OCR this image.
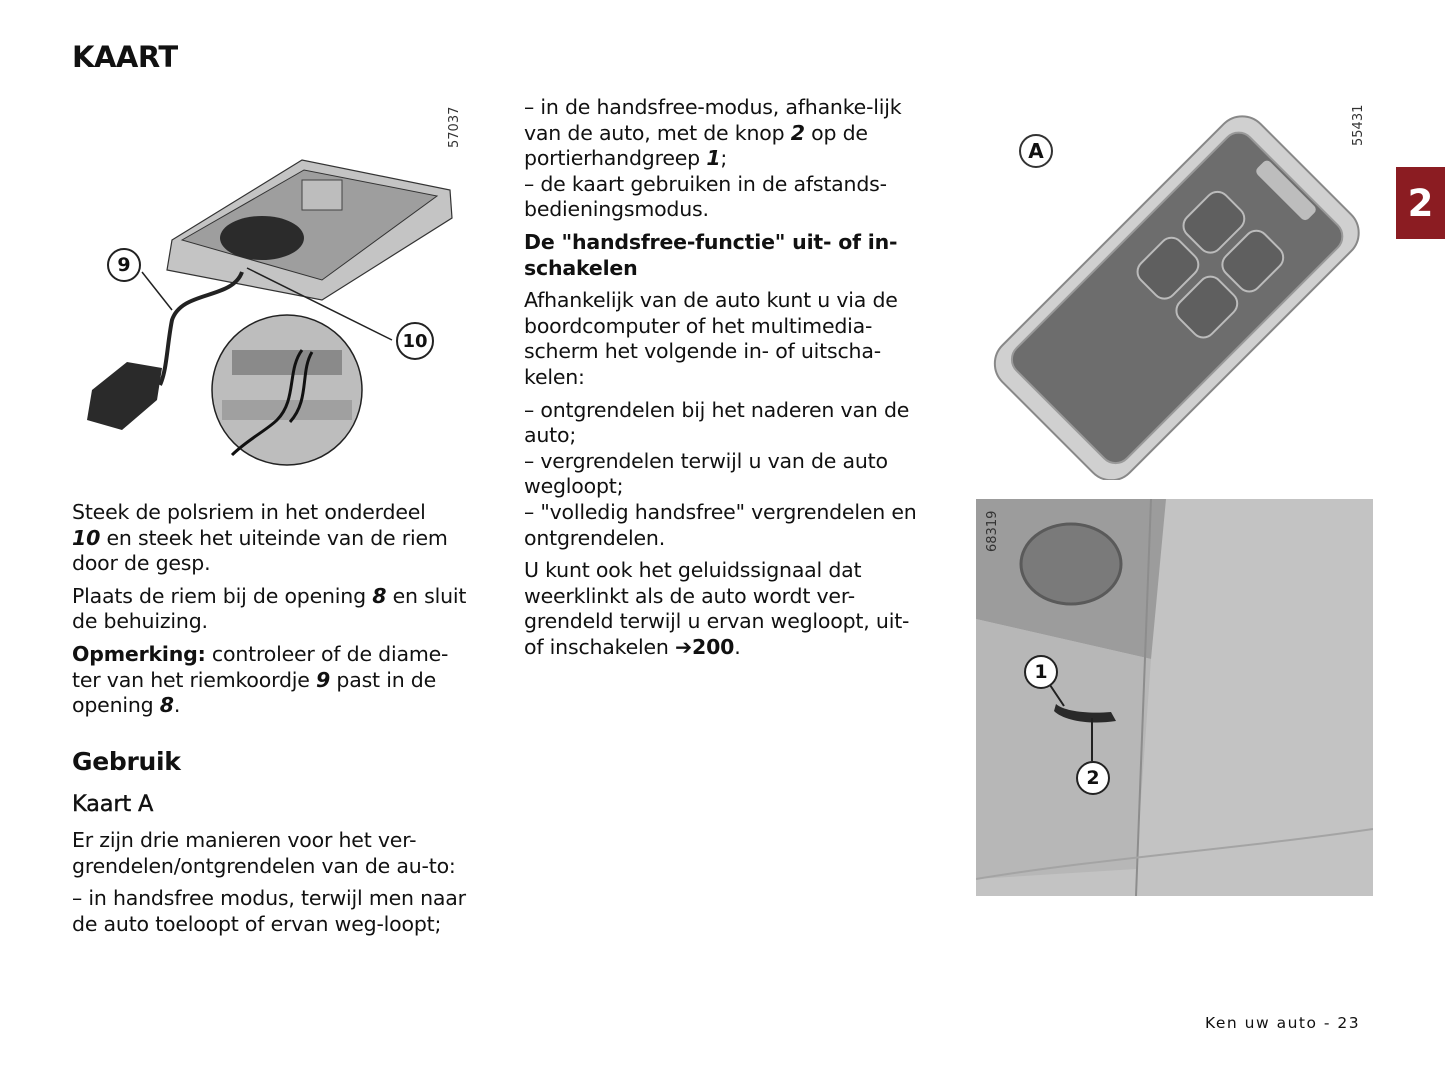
KAART
9
10
57037

Steek de polsriem in het onderdeel
10 en steek het uiteinde van de riem door de gesp.

Plaats de riem bij de opening 8 en sluit de behuizing.

Opmerking: controleer of de diame-ter van het riemkoordje 9 past in de opening 8.

Gebruik
Kaart A

Er zijn drie manieren voor het ver-grendelen/ontgrendelen van de au-to:

– in handsfree modus, terwijl men naar de auto toeloopt of ervan weg-loopt;

– in de handsfree-modus, afhanke-lijk van de auto, met de knop 2 op de portierhandgreep 1;

– de kaart gebruiken in de afstands-bedieningsmodus.

De "handsfree-functie" uit- of in-schakelen

Afhankelijk van de auto kunt u via de boordcomputer of het multimedia-scherm het volgende in- of uitscha-kelen:

– ontgrendelen bij het naderen van de auto;

– vergrendelen terwijl u van de auto wegloopt;

– "volledig handsfree" vergrendelen en ontgrendelen.

U kunt ook het geluidssignaal dat weerklinkt als de auto wordt ver-grendeld terwijl u ervan wegloopt, uit- of inschakelen ➔200.

A
55431
1
2
68319
2
Ken uw auto - 23
